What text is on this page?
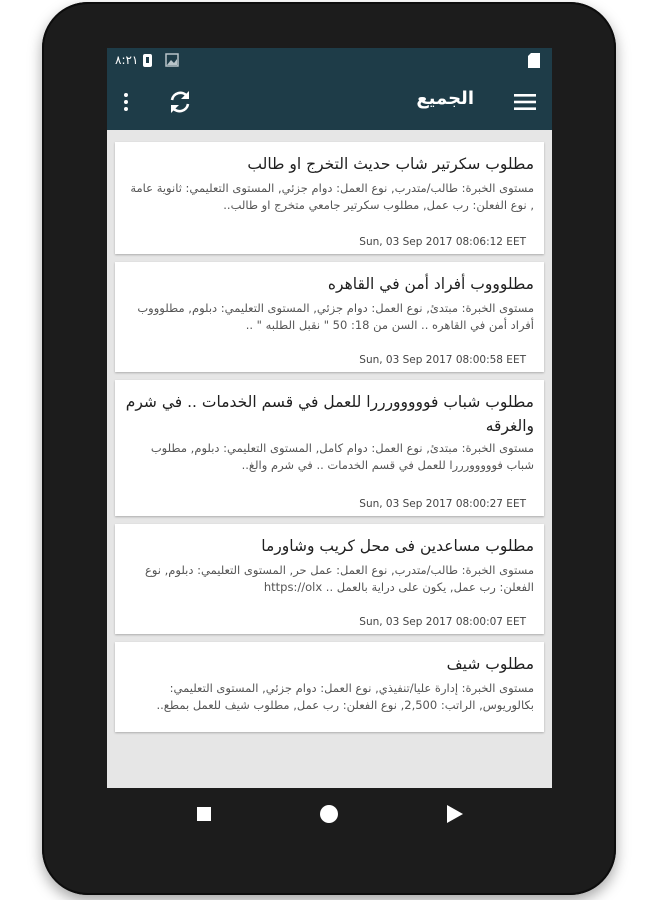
٨:٢١
الجميع
مطلوب سكرتير شاب حديث التخرج او طالب
مستوى الخبرة: طالب/متدرب, نوع العمل: دوام جزئي, المستوى التعليمي: ثانوية عامة , نوع الفعلن: رب عمل, مطلوب سكرتير جامعي متخرج او طالب..
Sun, 03 Sep 2017 08:06:12 EET
مطلوووب أفراد أمن في القاهره
مستوى الخبرة: مبتدئ, نوع العمل: دوام جزئي, المستوى التعليمي: دبلوم, مطلوووب أفراد أمن في القاهره .. السن من 18: 50 " نقبل الطلبه " ..
Sun, 03 Sep 2017 08:00:58 EET
مطلوب شباب فووووورررا للعمل في قسم الخدمات .. في شرم والغرقه
مستوى الخبرة: مبتدئ, نوع العمل: دوام كامل, المستوى التعليمي: دبلوم, مطلوب شباب فووووورررا للعمل في قسم الخدمات .. في شرم والغ..
Sun, 03 Sep 2017 08:00:27 EET
مطلوب مساعدين فى محل كريب وشاورما
مستوى الخبرة: طالب/متدرب, نوع العمل: عمل حر, المستوى التعليمي: دبلوم, نوع الفعلن: رب عمل, يكون على دراية بالعمل .. https://olx
Sun, 03 Sep 2017 08:00:07 EET
مطلوب شيف
مستوى الخبرة: إدارة عليا/تنفيذي, نوع العمل: دوام جزئي, المستوى التعليمي: بكالوريوس, الراتب: 2,500, نوع الفعلن: رب عمل, مطلوب شيف للعمل بمطع..
